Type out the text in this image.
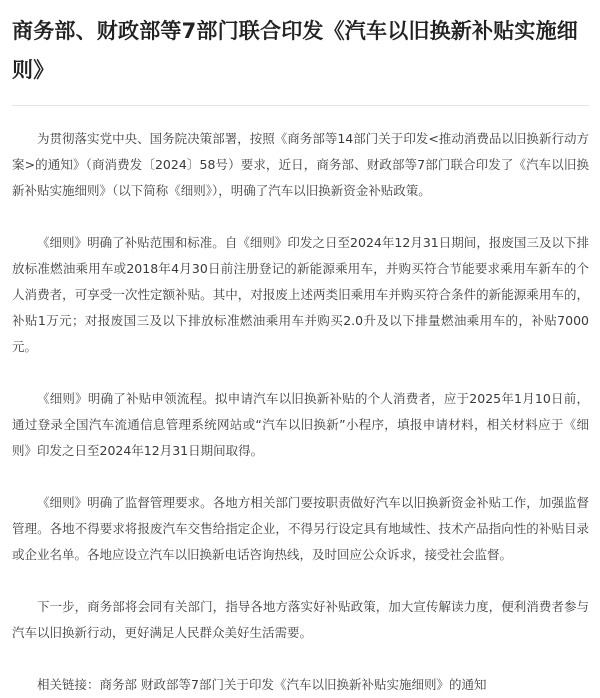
商务部、财政部等7部门联合印发《汽车以旧换新补贴实施细则》

为贯彻落实党中央、国务院决策部署，按照《商务部等14部门关于印发<推动消费品以旧换新行动方案>的通知》（商消费发〔2024〕58号）要求，近日，商务部、财政部等7部门联合印发了《汽车以旧换新补贴实施细则》（以下简称《细则》），明确了汽车以旧换新资金补贴政策。

《细则》明确了补贴范围和标准。自《细则》印发之日至2024年12月31日期间，报废国三及以下排放标准燃油乘用车或2018年4月30日前注册登记的新能源乘用车，并购买符合节能要求乘用车新车的个人消费者，可享受一次性定额补贴。其中，对报废上述两类旧乘用车并购买符合条件的新能源乘用车的，补贴1万元；对报废国三及以下排放标准燃油乘用车并购买2.0升及以下排量燃油乘用车的，补贴7000元。

《细则》明确了补贴申领流程。拟申请汽车以旧换新补贴的个人消费者，应于2025年1月10日前，通过登录全国汽车流通信息管理系统网站或“汽车以旧换新”小程序，填报申请材料，相关材料应于《细则》印发之日至2024年12月31日期间取得。

《细则》明确了监督管理要求。各地方相关部门要按职责做好汽车以旧换新资金补贴工作，加强监督管理。各地不得要求将报废汽车交售给指定企业，不得另行设定具有地域性、技术产品指向性的补贴目录或企业名单。各地应设立汽车以旧换新电话咨询热线，及时回应公众诉求，接受社会监督。

下一步，商务部将会同有关部门，指导各地方落实好补贴政策，加大宣传解读力度，便利消费者参与汽车以旧换新行动，更好满足人民群众美好生活需要。

相关链接：商务部 财政部等7部门关于印发《汽车以旧换新补贴实施细则》的通知
